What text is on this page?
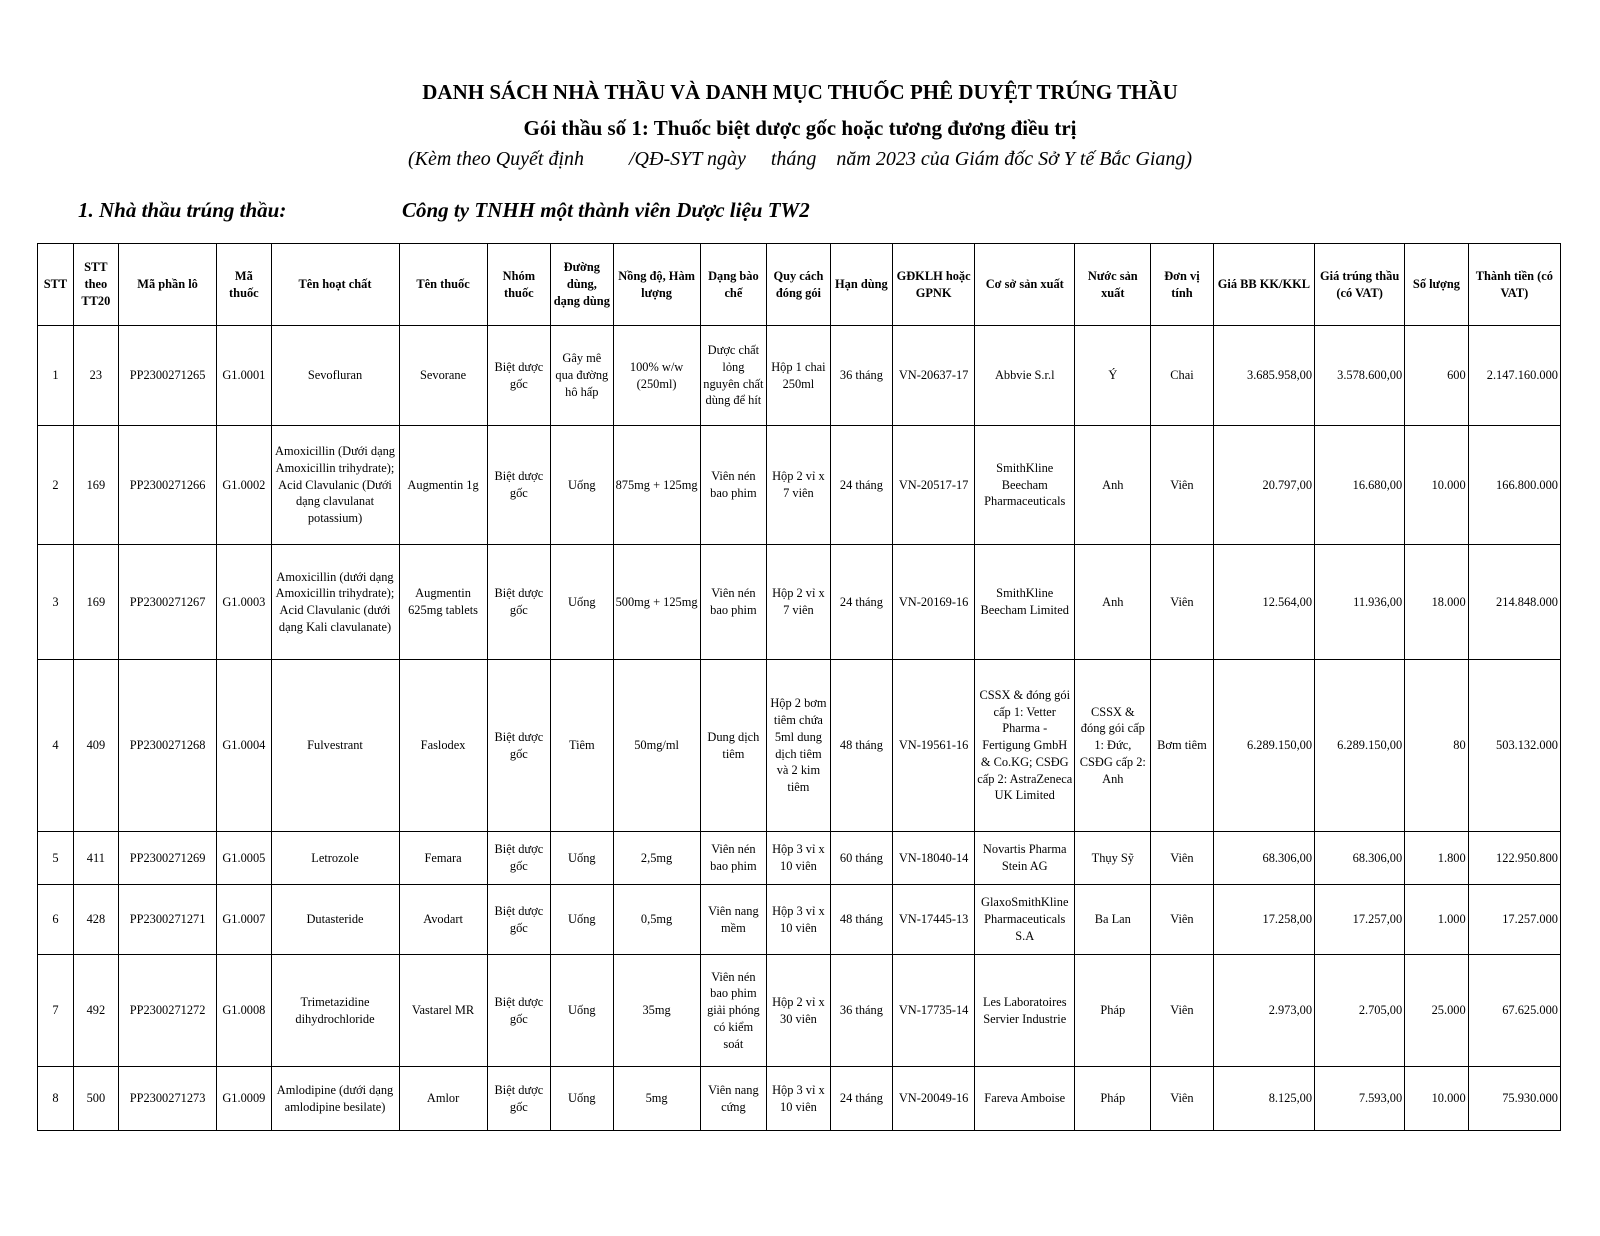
DANH SÁCH NHÀ THẦU VÀ DANH MỤC THUỐC PHÊ DUYỆT TRÚNG THẦU
Gói thầu số 1: Thuốc biệt dược gốc hoặc tương đương điều trị
(Kèm theo Quyết định         /QĐ-SYT ngày     tháng    năm 2023 của Giám đốc Sở Y tế Bắc Giang)
1. Nhà thầu trúng thầu:	Công ty TNHH một thành viên Dược liệu TW2
STT	STT theo TT20	Mã phần lô	Mã thuốc	Tên hoạt chất	Tên thuốc	Nhóm thuốc	Đường dùng, dạng dùng	Nồng độ, Hàm lượng	Dạng bào chế	Quy cách đóng gói	Hạn dùng	GĐKLH hoặc GPNK	Cơ sở sản xuất	Nước sản xuất	Đơn vị tính	Giá BB KK/KKL	Giá trúng thầu (có VAT)	Số lượng	Thành tiền (có VAT)
1	23	PP2300271265	G1.0001	Sevofluran	Sevorane	Biệt dược gốc	Gây mê qua đường hô hấp	100% w/w (250ml)	Dược chất lỏng nguyên chất dùng để hít	Hộp 1 chai 250ml	36 tháng	VN-20637-17	Abbvie S.r.l	Ý	Chai	3.685.958,00	3.578.600,00	600	2.147.160.000
2	169	PP2300271266	G1.0002	Amoxicillin (Dưới dạng Amoxicillin trihydrate); Acid Clavulanic (Dưới dạng clavulanat potassium)	Augmentin 1g	Biệt dược gốc	Uống	875mg + 125mg	Viên nén bao phim	Hộp 2 vỉ x 7 viên	24 tháng	VN-20517-17	SmithKline Beecham Pharmaceuticals	Anh	Viên	20.797,00	16.680,00	10.000	166.800.000
3	169	PP2300271267	G1.0003	Amoxicillin (dưới dạng Amoxicillin trihydrate); Acid Clavulanic (dưới dạng Kali clavulanate)	Augmentin 625mg tablets	Biệt dược gốc	Uống	500mg + 125mg	Viên nén bao phim	Hộp 2 vỉ x 7 viên	24 tháng	VN-20169-16	SmithKline Beecham Limited	Anh	Viên	12.564,00	11.936,00	18.000	214.848.000
4	409	PP2300271268	G1.0004	Fulvestrant	Faslodex	Biệt dược gốc	Tiêm	50mg/ml	Dung dịch tiêm	Hộp 2 bơm tiêm chứa 5ml dung dịch tiêm và 2 kim tiêm	48 tháng	VN-19561-16	CSSX & đóng gói cấp 1: Vetter Pharma - Fertigung GmbH & Co.KG; CSĐG cấp 2: AstraZeneca UK Limited	CSSX & đóng gói cấp 1: Đức, CSĐG cấp 2: Anh	Bơm tiêm	6.289.150,00	6.289.150,00	80	503.132.000
5	411	PP2300271269	G1.0005	Letrozole	Femara	Biệt dược gốc	Uống	2,5mg	Viên nén bao phim	Hộp 3 vỉ x 10 viên	60 tháng	VN-18040-14	Novartis Pharma Stein AG	Thụy Sỹ	Viên	68.306,00	68.306,00	1.800	122.950.800
6	428	PP2300271271	G1.0007	Dutasteride	Avodart	Biệt dược gốc	Uống	0,5mg	Viên nang mềm	Hộp 3 vỉ x 10 viên	48 tháng	VN-17445-13	GlaxoSmithKline Pharmaceuticals S.A	Ba Lan	Viên	17.258,00	17.257,00	1.000	17.257.000
7	492	PP2300271272	G1.0008	Trimetazidine dihydrochloride	Vastarel MR	Biệt dược gốc	Uống	35mg	Viên nén bao phim giải phóng có kiểm soát	Hộp 2 vỉ x 30 viên	36 tháng	VN-17735-14	Les Laboratoires Servier Industrie	Pháp	Viên	2.973,00	2.705,00	25.000	67.625.000
8	500	PP2300271273	G1.0009	Amlodipine (dưới dạng amlodipine besilate)	Amlor	Biệt dược gốc	Uống	5mg	Viên nang cứng	Hộp 3 vỉ x 10 viên	24 tháng	VN-20049-16	Fareva Amboise	Pháp	Viên	8.125,00	7.593,00	10.000	75.930.000
